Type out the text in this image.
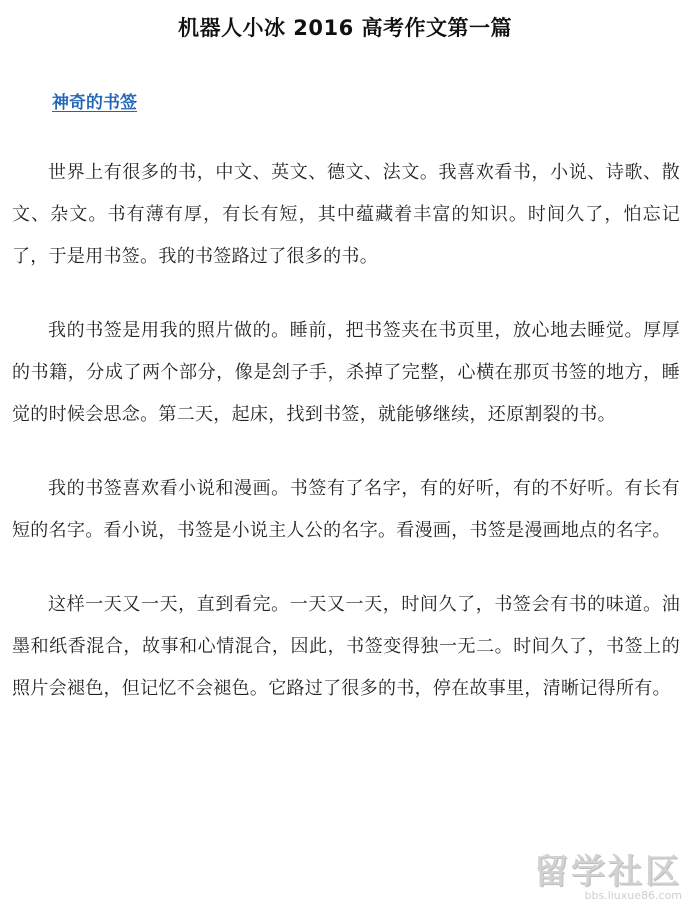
机器人小冰 2016 高考作文第一篇
神奇的书签

世界上有很多的书，中文、英文、德文、法文。我喜欢看书，小说、诗歌、散文、杂文。书有薄有厚，有长有短，其中蕴藏着丰富的知识。时间久了，怕忘记了，于是用书签。我的书签路过了很多的书。

我的书签是用我的照片做的。睡前，把书签夹在书页里，放心地去睡觉。厚厚的书籍，分成了两个部分，像是刽子手，杀掉了完整，心横在那页书签的地方，睡觉的时候会思念。第二天，起床，找到书签，就能够继续，还原割裂的书。

我的书签喜欢看小说和漫画。书签有了名字，有的好听，有的不好听。有长有短的名字。看小说，书签是小说主人公的名字。看漫画，书签是漫画地点的名字。

这样一天又一天，直到看完。一天又一天，时间久了，书签会有书的味道。油墨和纸香混合，故事和心情混合，因此，书签变得独一无二。时间久了，书签上的照片会褪色，但记忆不会褪色。它路过了很多的书，停在故事里，清晰记得所有。

留学社区
bbs.liuxue86.com
